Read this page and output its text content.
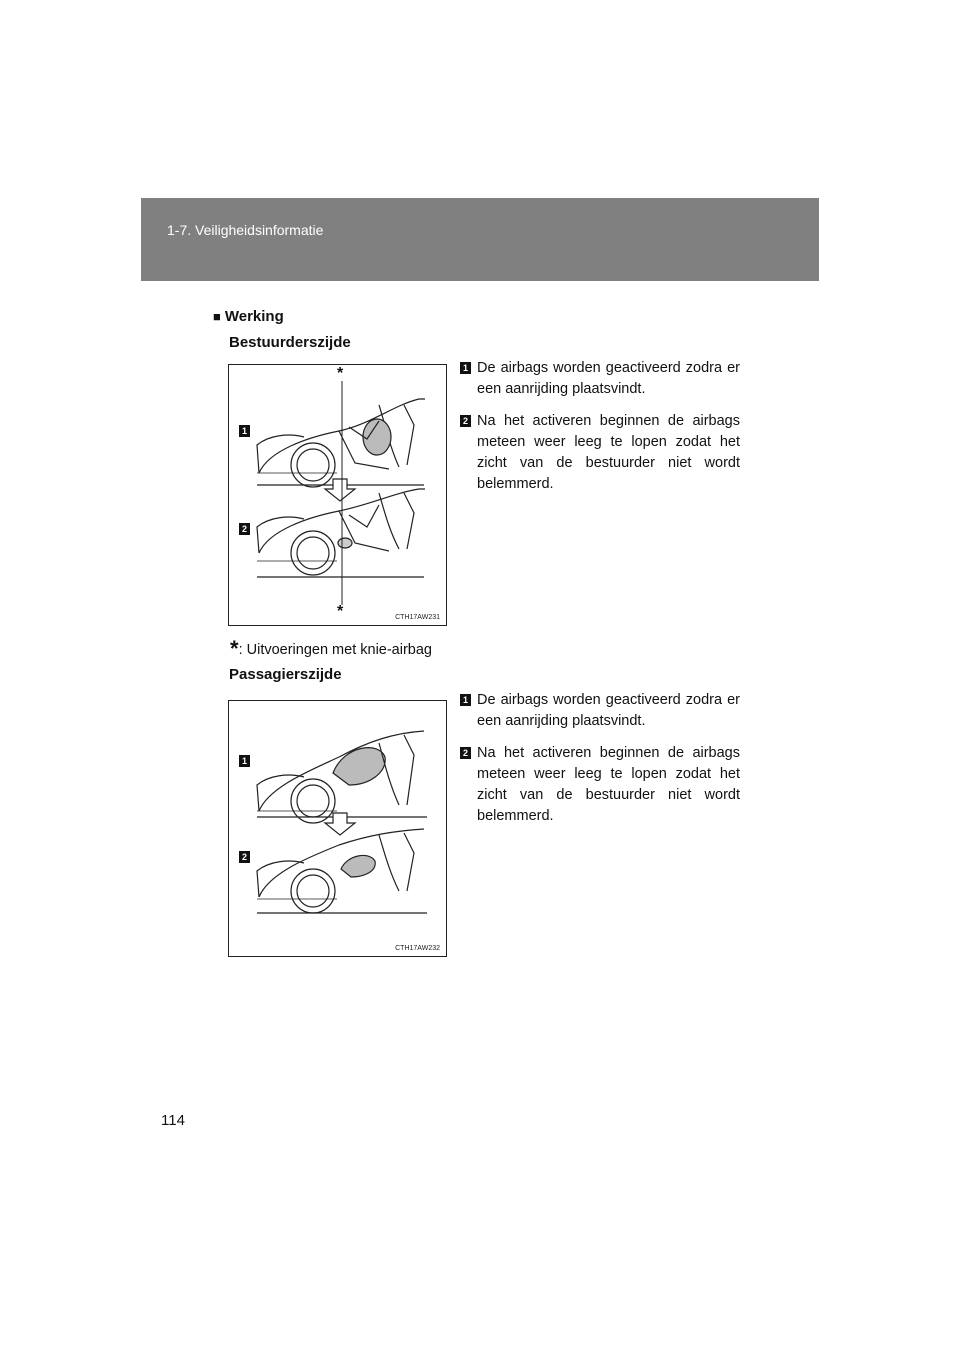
1-7. Veiligheidsinformatie
■ Werking
Bestuurderszijde
1
2
*
*	CTH17AW231
1 De airbags worden geactiveerd zodra er een aanrijding plaatsvindt.
2 Na het activeren beginnen de airbags meteen weer leeg te lopen zodat het zicht van de bestuurder niet wordt belemmerd.
*: Uitvoeringen met knie-airbag
Passagierszijde
1
2
CTH17AW232
1 De airbags worden geactiveerd zodra er een aanrijding plaatsvindt.
2 Na het activeren beginnen de airbags meteen weer leeg te lopen zodat het zicht van de bestuurder niet wordt belemmerd.
114
